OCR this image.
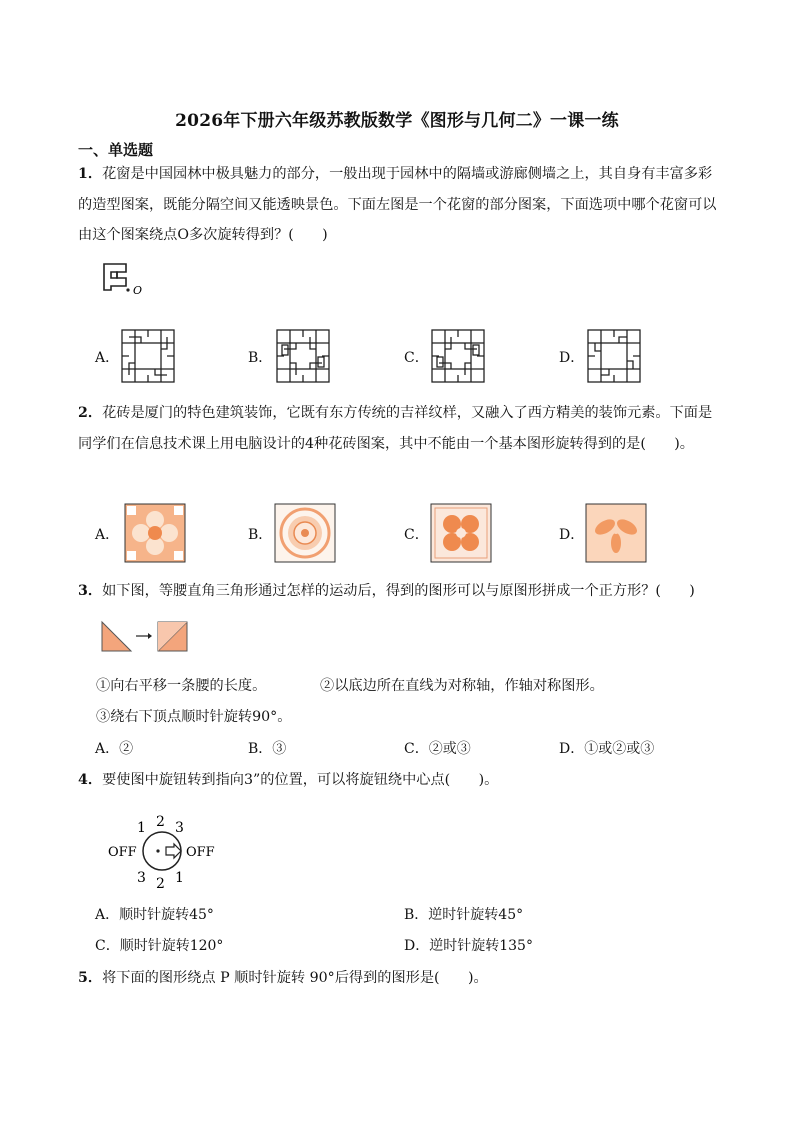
2026年下册六年级苏教版数学《图形与几何二》一课一练
一、单选题
1．花窗是中国园林中极具魅力的部分，一般出现于园林中的隔墙或游廊侧墙之上，其自身有丰富多彩的造型图案，既能分隔空间又能透映景色。下面左图是一个花窗的部分图案，下面选项中哪个花窗可以由这个图案绕点O多次旋转得到？(　　)
O
A．	B．	C．	D．
2．花砖是厦门的特色建筑装饰，它既有东方传统的吉祥纹样，又融入了西方精美的装饰元素。下面是同学们在信息技术课上用电脑设计的4种花砖图案，其中不能由一个基本图形旋转得到的是(　　)。
A．	B．	C．	D．
3．如下图，等腰直角三角形通过怎样的运动后，得到的图形可以与原图形拼成一个正方形？(　　)
①向右平移一条腰的长度。	②以底边所在直线为对称轴，作轴对称图形。
③绕右下顶点顺时针旋转90°。
A．②	B．③	C．②或③	D．①或②或③
4．要使图中旋钮转到指向3”的位置，可以将旋钮绕中心点(　　)。
OFF	OFF
1 2 3
3 2 1
A．顺时针旋转45°	B．逆时针旋转45°
C．顺时针旋转120°	D．逆时针旋转135°
5．将下面的图形绕点 P 顺时针旋转 90°后得到的图形是(　　)。
